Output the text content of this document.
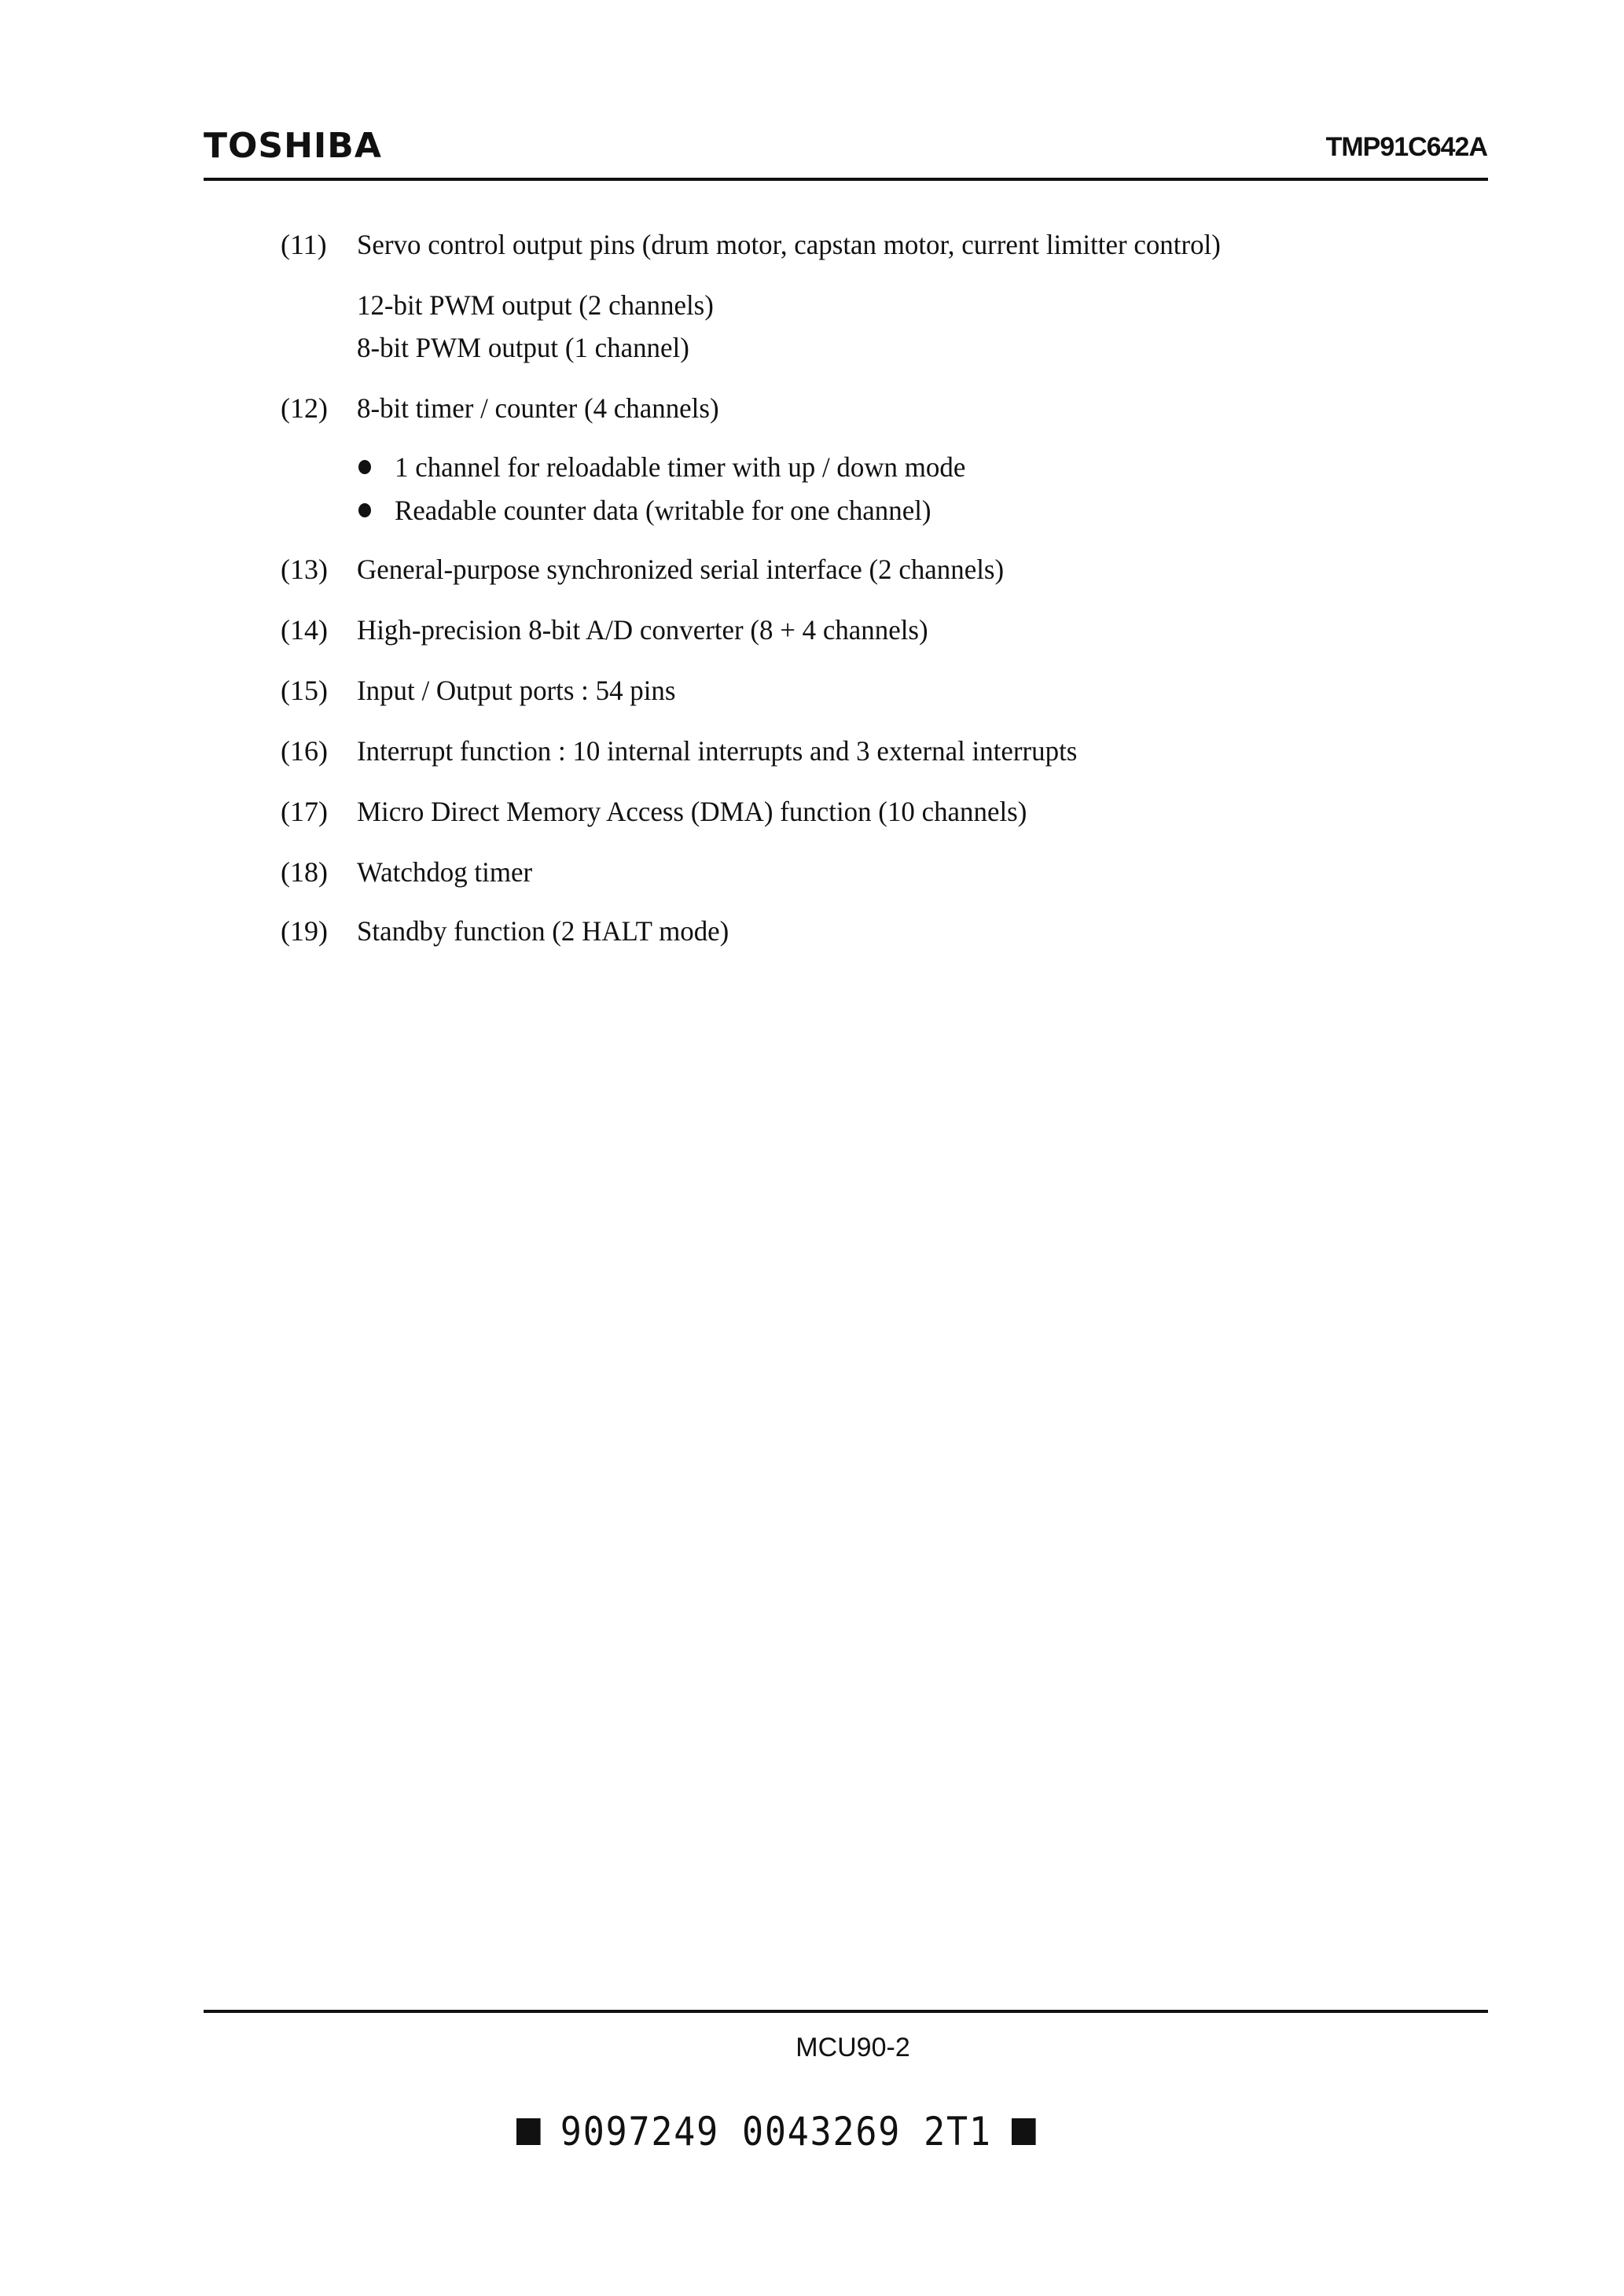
TOSHIBA	TMP91C642A
(11) Servo control output pins (drum motor, capstan motor, current limitter control)
12-bit PWM output (2 channels)
8-bit PWM output (1 channel)
(12) 8-bit timer / counter (4 channels)
1 channel for reloadable timer with up / down mode
Readable counter data (writable for one channel)
(13) General-purpose synchronized serial interface (2 channels)
(14) High-precision 8-bit A/D converter (8 + 4 channels)
(15) Input / Output ports : 54 pins
(16) Interrupt function : 10 internal interrupts and 3 external interrupts
(17) Micro Direct Memory Access (DMA) function (10 channels)
(18) Watchdog timer
(19) Standby function (2 HALT mode)
MCU90-2
9097249 0043269 2T1
